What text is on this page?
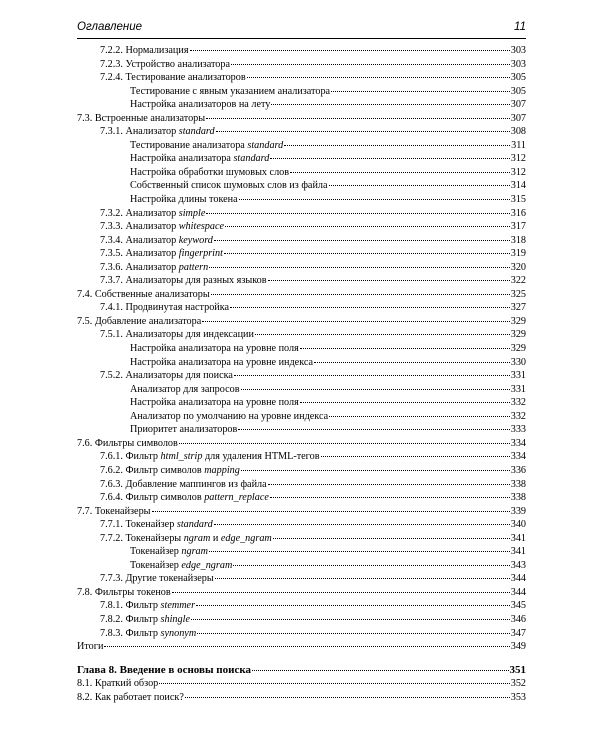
Оглавление	11
7.2.2. Нормализация	303
7.2.3. Устройство анализатора	303
7.2.4. Тестирование анализаторов	305
Тестирование с явным указанием анализатора	305
Настройка анализаторов на лету	307
7.3. Встроенные анализаторы	307
7.3.1. Анализатор standard	308
Тестирование анализатора standard	311
Настройка анализатора standard	312
Настройка обработки шумовых слов	312
Собственный список шумовых слов из файла	314
Настройка длины токена	315
7.3.2. Анализатор simple	316
7.3.3. Анализатор whitespace	317
7.3.4. Анализатор keyword	318
7.3.5. Анализатор fingerprint	319
7.3.6. Анализатор pattern	320
7.3.7. Анализаторы для разных языков	322
7.4. Собственные анализаторы	325
7.4.1. Продвинутая настройка	327
7.5. Добавление анализатора	329
7.5.1. Анализаторы для индексации	329
Настройка анализатора на уровне поля	329
Настройка анализатора на уровне индекса	330
7.5.2. Анализаторы для поиска	331
Анализатор для запросов	331
Настройка анализатора на уровне поля	332
Анализатор по умолчанию на уровне индекса	332
Приоритет анализаторов	333
7.6. Фильтры символов	334
7.6.1. Фильтр html_strip для удаления HTML-тегов	334
7.6.2. Фильтр символов mapping	336
7.6.3. Добавление маппингов из файла	338
7.6.4. Фильтр символов pattern_replace	338
7.7. Токенайзеры	339
7.7.1. Токенайзер standard	340
7.7.2. Токенайзеры ngram и edge_ngram	341
Токенайзер ngram	341
Токенайзер edge_ngram	343
7.7.3. Другие токенайзеры	344
7.8. Фильтры токенов	344
7.8.1. Фильтр stemmer	345
7.8.2. Фильтр shingle	346
7.8.3. Фильтр synonym	347
Итоги	349
Глава 8. Введение в основы поиска	351
8.1. Краткий обзор	352
8.2. Как работает поиск?	353
